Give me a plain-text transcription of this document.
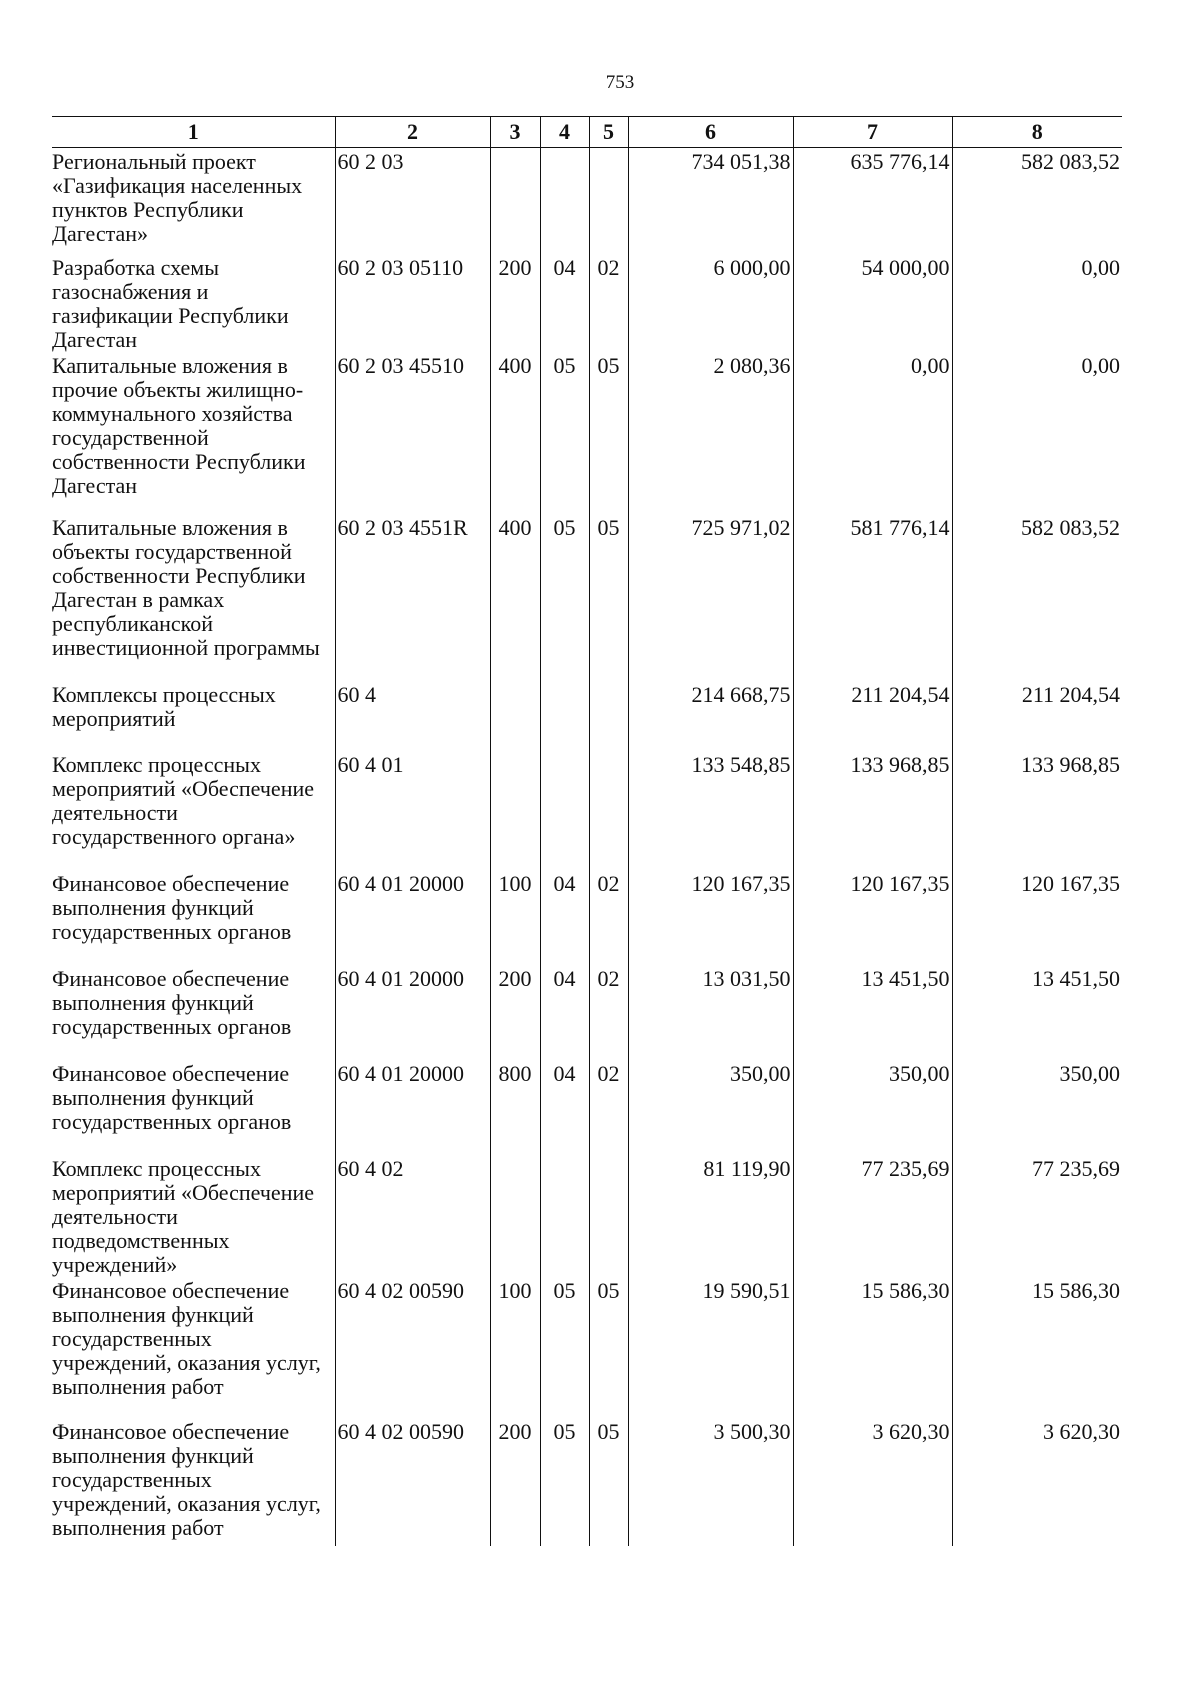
753
1	2	3	4	5	6	7	8
Региональный проект «Газификация населенных пунктов Республики Дагестан»	60 2 03				734 051,38	635 776,14	582 083,52
Разработка схемы газоснабжения и газификации Республики Дагестан	60 2 03 05110	200	04	02	6 000,00	54 000,00	0,00
Капитальные вложения в прочие объекты жилищно-коммунального хозяйства государственной собственности Республики Дагестан	60 2 03 45510	400	05	05	2 080,36	0,00	0,00
Капитальные вложения в объекты государственной собственности Республики Дагестан в рамках республиканской инвестиционной программы	60 2 03 4551R	400	05	05	725 971,02	581 776,14	582 083,52
Комплексы процессных мероприятий	60 4				214 668,75	211 204,54	211 204,54
Комплекс процессных мероприятий «Обеспечение деятельности государственного органа»	60 4 01				133 548,85	133 968,85	133 968,85
Финансовое обеспечение выполнения функций государственных органов	60 4 01 20000	100	04	02	120 167,35	120 167,35	120 167,35
Финансовое обеспечение выполнения функций государственных органов	60 4 01 20000	200	04	02	13 031,50	13 451,50	13 451,50
Финансовое обеспечение выполнения функций государственных органов	60 4 01 20000	800	04	02	350,00	350,00	350,00
Комплекс процессных мероприятий «Обеспечение деятельности подведомственных учреждений»	60 4 02				81 119,90	77 235,69	77 235,69
Финансовое обеспечение выполнения функций государственных учреждений, оказания услуг, выполнения работ	60 4 02 00590	100	05	05	19 590,51	15 586,30	15 586,30
Финансовое обеспечение выполнения функций государственных учреждений, оказания услуг, выполнения работ	60 4 02 00590	200	05	05	3 500,30	3 620,30	3 620,30
